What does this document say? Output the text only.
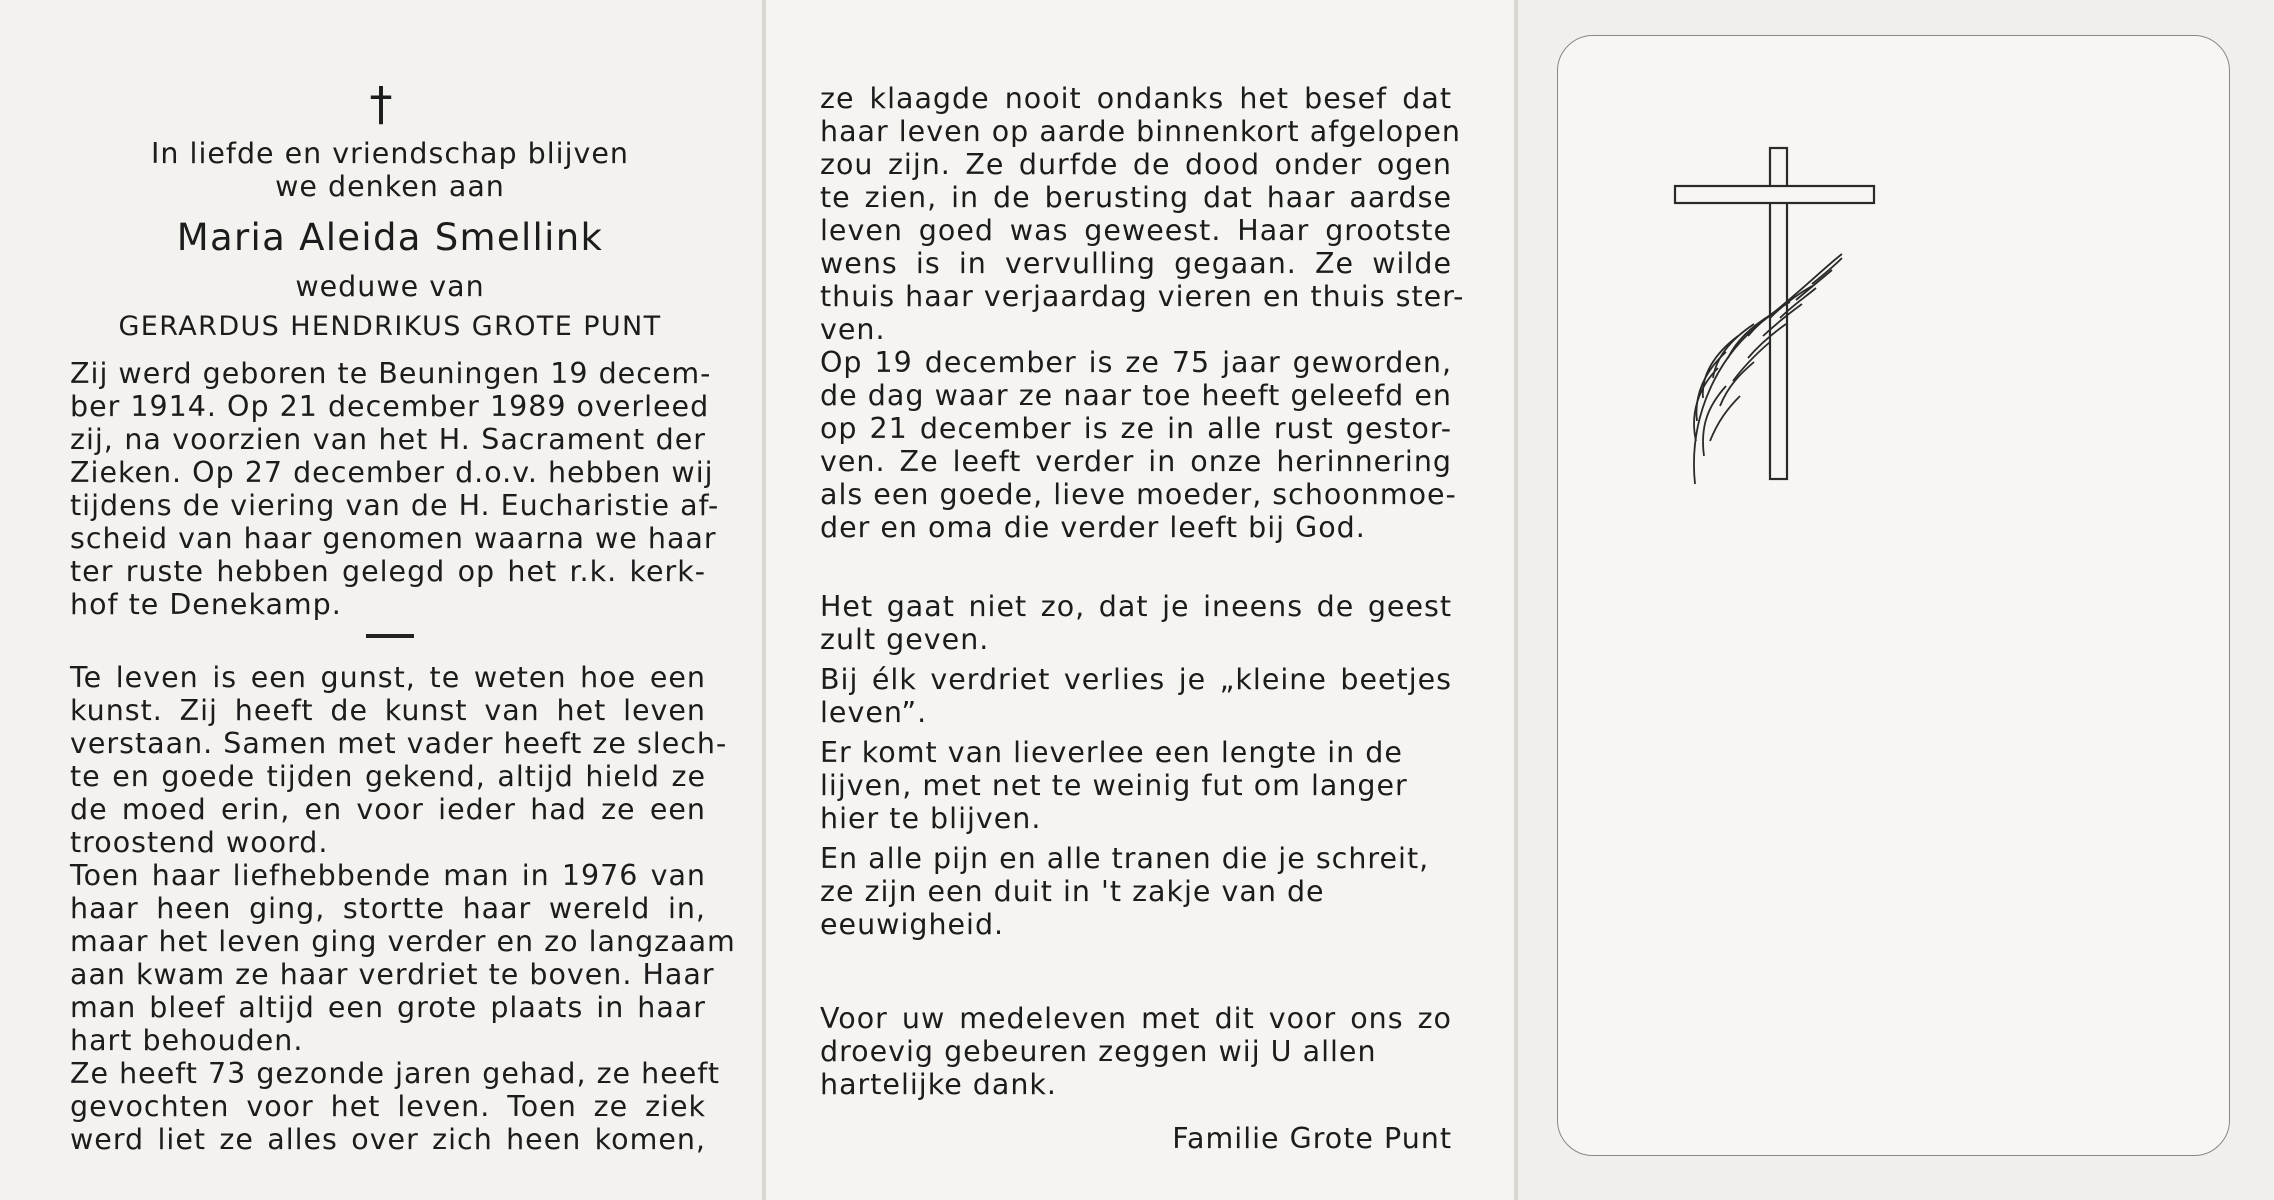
†
In liefde en vriendschap blijven
we denken aan
Maria Aleida Smellink
weduwe van
GERARDUS HENDRIKUS GROTE PUNT
Zij werd geboren te Beuningen 19 decem-
ber 1914. Op 21 december 1989 overleed
zij, na voorzien van het H. Sacrament der
Zieken. Op 27 december d.o.v. hebben wij
tijdens de viering van de H. Eucharistie af-
scheid van haar genomen waarna we haar
ter ruste hebben gelegd op het r.k. kerk-
hof te Denekamp.
Te leven is een gunst, te weten hoe een
kunst. Zij heeft de kunst van het leven
verstaan. Samen met vader heeft ze slech-
te en goede tijden gekend, altijd hield ze
de moed erin, en voor ieder had ze een
troostend woord.
Toen haar liefhebbende man in 1976 van
haar heen ging, stortte haar wereld in,
maar het leven ging verder en zo langzaam
aan kwam ze haar verdriet te boven. Haar
man bleef altijd een grote plaats in haar
hart behouden.
Ze heeft 73 gezonde jaren gehad, ze heeft
gevochten voor het leven. Toen ze ziek
werd liet ze alles over zich heen komen,
ze klaagde nooit ondanks het besef dat
haar leven op aarde binnenkort afgelopen
zou zijn. Ze durfde de dood onder ogen
te zien, in de berusting dat haar aardse
leven goed was geweest. Haar grootste
wens is in vervulling gegaan. Ze wilde
thuis haar verjaardag vieren en thuis ster-
ven.
Op 19 december is ze 75 jaar geworden,
de dag waar ze naar toe heeft geleefd en
op 21 december is ze in alle rust gestor-
ven. Ze leeft verder in onze herinnering
als een goede, lieve moeder, schoonmoe-
der en oma die verder leeft bij God.
Het gaat niet zo, dat je ineens de geest
zult geven.
Bij élk verdriet verlies je „kleine beetjes
leven”.
Er komt van lieverlee een lengte in de
lijven, met net te weinig fut om langer
hier te blijven.
En alle pijn en alle tranen die je schreit,
ze zijn een duit in 't zakje van de
eeuwigheid.
Voor uw medeleven met dit voor ons zo
droevig gebeuren zeggen wij U allen
hartelijke dank.
Familie Grote Punt
